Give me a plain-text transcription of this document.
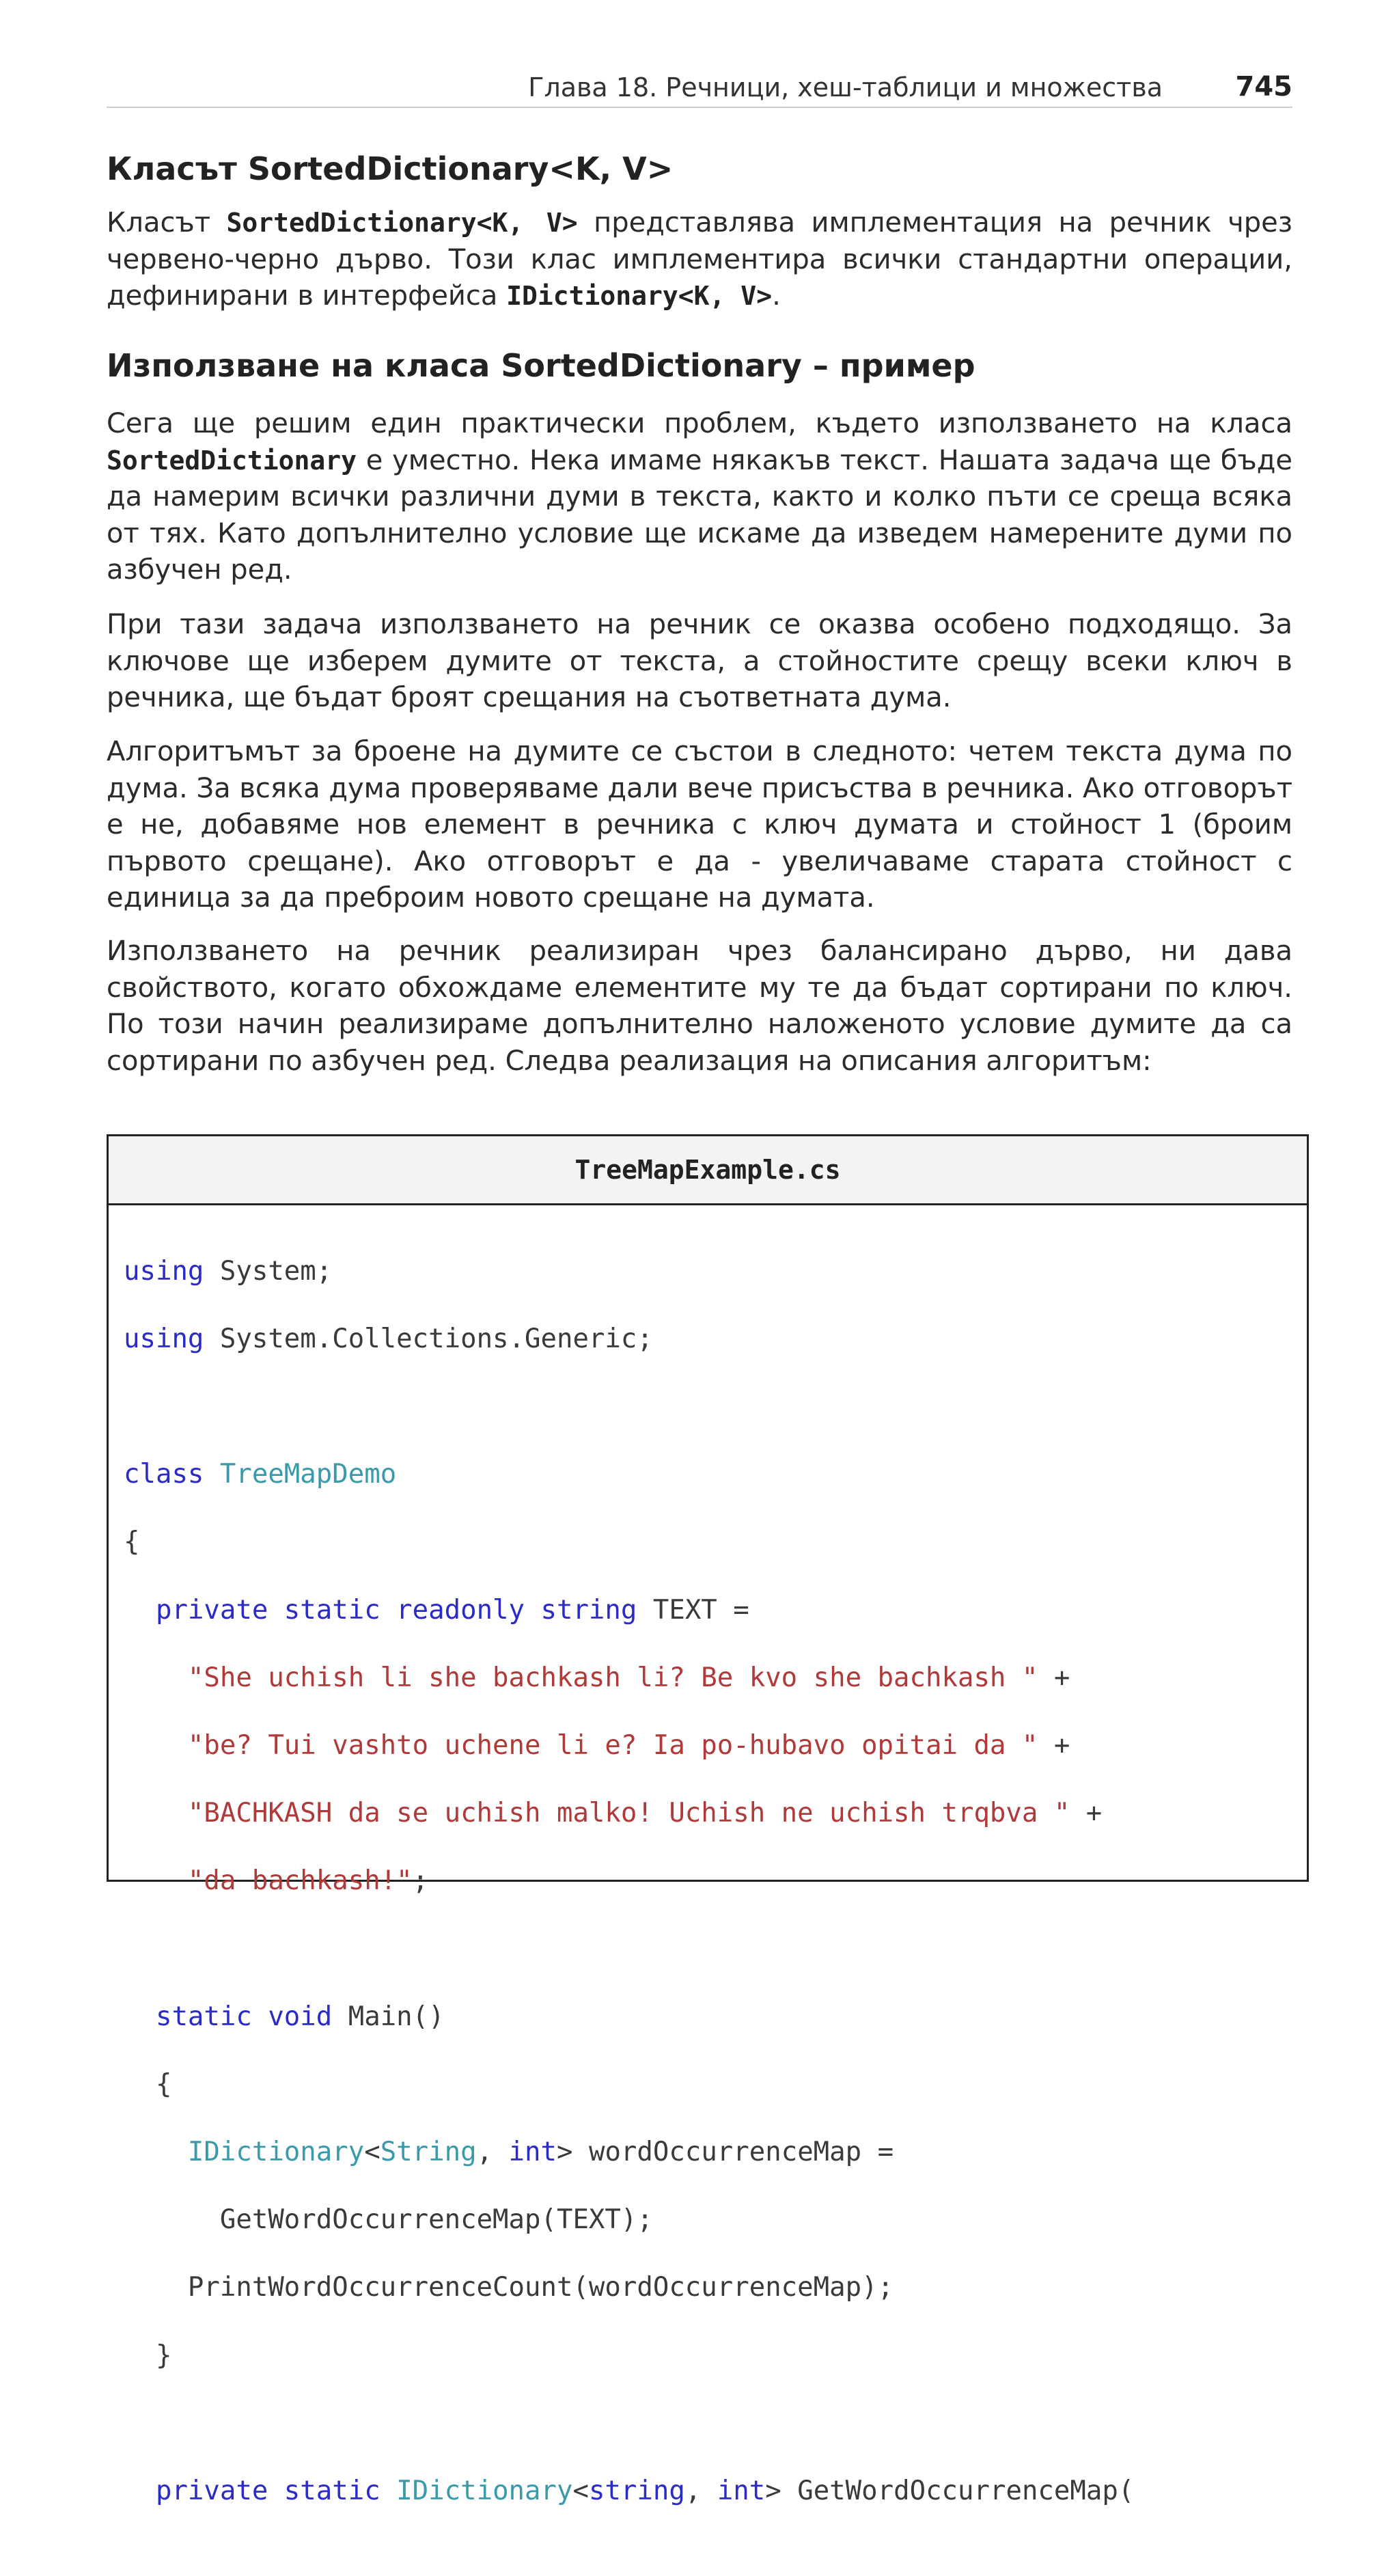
Глава 18. Речници, хеш-таблици и множества	745
Класът SortedDictionary<K, V>

Класът SortedDictionary<K, V> представлява имплементация на речник чрез червено-черно дърво. Този клас имплементира всички стандартни операции, дефинирани в интерфейса IDictionary<K, V>.

Използване на класа SortedDictionary – пример

Сега ще решим един практически проблем, където използването на класа SortedDictionary е уместно. Нека имаме някакъв текст. Нашата задача ще бъде да намерим всички различни думи в текста, както и колко пъти се среща всяка от тях. Като допълнително условие ще искаме да изведем намерените думи по азбучен ред.

При тази задача използването на речник се оказва особено подходящо. За ключове ще изберем думите от текста, а стойностите срещу всеки ключ в речника, ще бъдат броят срещания на съответната дума.

Алгоритъмът за броене на думите се състои в следното: четем текста дума по дума. За всяка дума проверяваме дали вече присъства в речника. Ако отговорът е не, добавяме нов елемент в речника с ключ думата и стойност 1 (броим първото срещане). Ако отговорът е да - увеличаваме старата стойност с единица за да преброим новото срещане на думата.

Използването на речник реализиран чрез балансирано дърво, ни дава свойството, когато обхождаме елементите му те да бъдат сортирани по ключ. По този начин реализираме допълнително наложеното условие думите да са сортирани по азбучен ред. Следва реализация на описания алгоритъм:

TreeMapExample.cs

using System;

using System.Collections.Generic;

class TreeMapDemo

{

private static readonly string TEXT =

"She uchish li she bachkash li? Be kvo she bachkash " +

"be? Tui vashto uchene li e? Ia po-hubavo opitai da " +

"BACHKASH da se uchish malko! Uchish ne uchish trqbva " +

"da bachkash!";

static void Main()

{

IDictionary<String, int> wordOccurrenceMap =

GetWordOccurrenceMap(TEXT);

PrintWordOccurrenceCount(wordOccurrenceMap);

}

private static IDictionary<string, int> GetWordOccurrenceMap(
